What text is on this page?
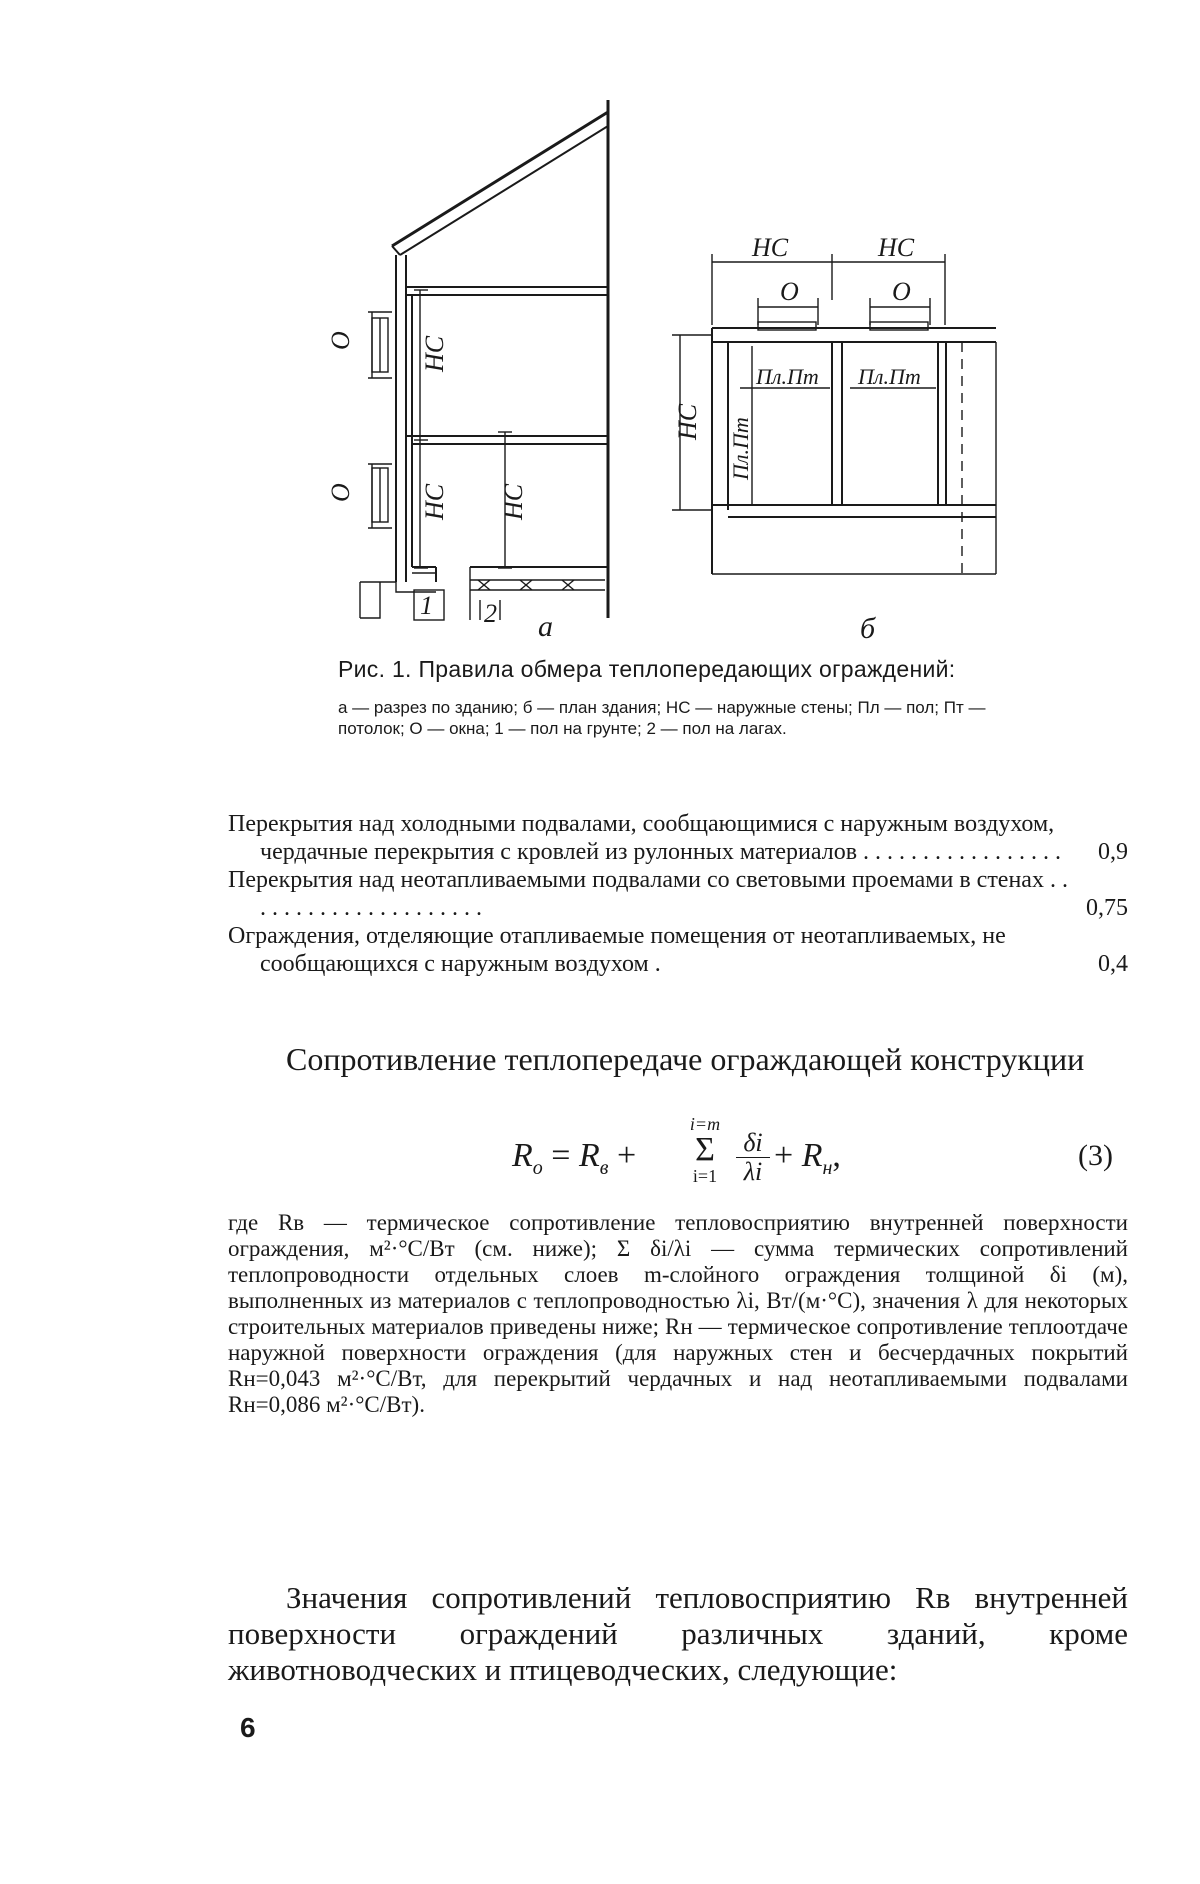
О
О
НС
НС НС
1 2 а
НС	НС
О	О
Пл.Пт Пл.Пт
Пл.Пт
НС
б

Рис. 1. Правила обмера теплопередающих ограждений:

а — разрез по зданию; б — план здания; НС — наружные стены; Пл — пол; Пт — потолок; О — окна; 1 — пол на грунте; 2 — пол на лагах.
Перекрытия над холодными подвалами, сообщающимися с наружным воздухом, чердачные перекрытия с кровлей из рулонных материалов . . . . . . . . . . . . . . . . .	0,9
Перекрытия над неотапливаемыми подвалами со световыми проемами в стенах . . . . . . . . . . . . . . . . . . . . .	0,75
Ограждения, отделяющие отапливаемые помещения от неотапливаемых, не сообщающихся с наружным воздухом .	0,4

Сопротивление теплопередаче ограждающей конструкции

$R_о = R_в$ +
i=m
Σ
$i=1 \frac{\delta i}{\lambda i} + R_н$,	(3)

где Rв — термическое сопротивление тепловосприятию внутренней поверхности ограждения, м²·°С/Вт (см. ниже); Σ δi/λi — сумма термических сопротивлений теплопроводности отдельных слоев m-слойного ограждения толщиной δi (м), выполненных из материалов с теплопроводностью λi, Вт/(м·°С), значения λ для некоторых строительных материалов приведены ниже; Rн — термическое сопротивление теплоотдаче наружной поверхности ограждения (для наружных стен и бесчердачных покрытий Rн=0,043 м²·°С/Вт, для перекрытий чердачных и над неотапливаемыми подвалами Rн=0,086 м²·°С/Вт).

Значения сопротивлений тепловосприятию Rв внутренней поверхности ограждений различных зданий, кроме животноводческих и птицеводческих, следующие:

6
